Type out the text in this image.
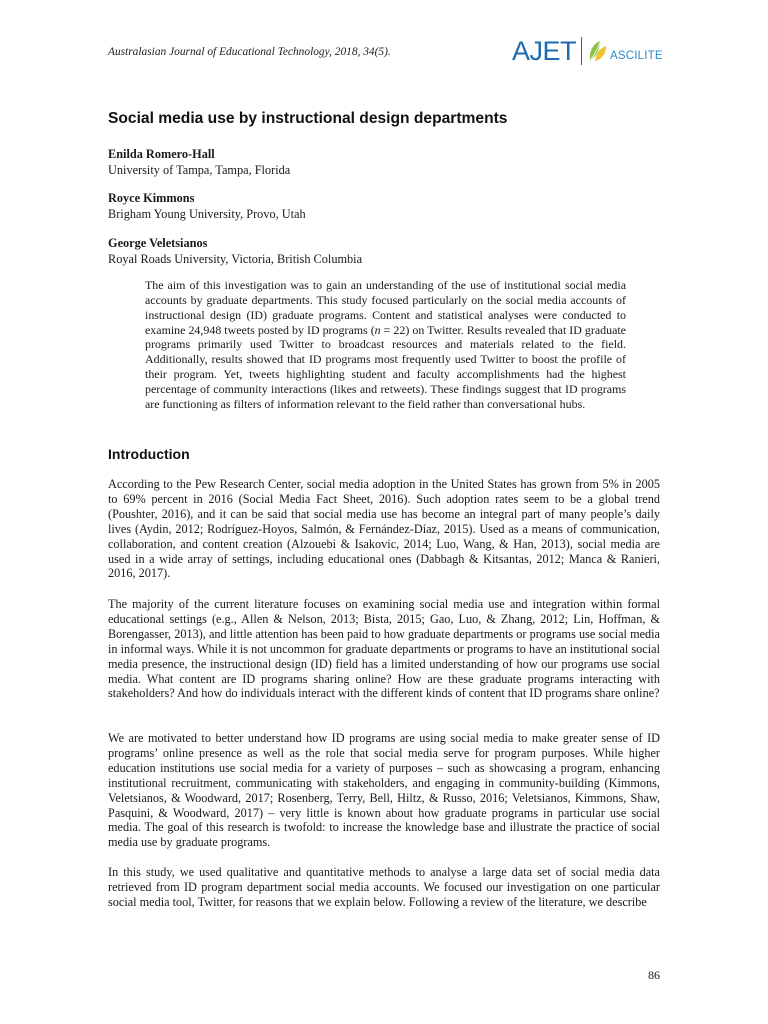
Australasian Journal of Educational Technology, 2018, 34(5).	AJET	ASCILITE
Social media use by instructional design departments
Enilda Romero-Hall
University of Tampa, Tampa, Florida
Royce Kimmons
Brigham Young University, Provo, Utah
George Veletsianos
Royal Roads University, Victoria, British Columbia

The aim of this investigation was to gain an understanding of the use of institutional social media accounts by graduate departments. This study focused particularly on the social media accounts of instructional design (ID) graduate programs. Content and statistical analyses were conducted to examine 24,948 tweets posted by ID programs (n = 22) on Twitter. Results revealed that ID graduate programs primarily used Twitter to broadcast resources and materials related to the field. Additionally, results showed that ID programs most frequently used Twitter to boost the profile of their program. Yet, tweets highlighting student and faculty accomplishments had the highest percentage of community interactions (likes and retweets). These findings suggest that ID programs are functioning as filters of information relevant to the field rather than conversational hubs.

Introduction

According to the Pew Research Center, social media adoption in the United States has grown from 5% in 2005 to 69% percent in 2016 (Social Media Fact Sheet, 2016). Such adoption rates seem to be a global trend (Poushter, 2016), and it can be said that social media use has become an integral part of many people’s daily lives (Aydin, 2012; Rodríguez-Hoyos, Salmón, & Fernández-Díaz, 2015). Used as a means of communication, collaboration, and content creation (Alzouebi & Isakovic, 2014; Luo, Wang, & Han, 2013), social media are used in a wide array of settings, including educational ones (Dabbagh & Kitsantas, 2012; Manca & Ranieri, 2016, 2017).

The majority of the current literature focuses on examining social media use and integration within formal educational settings (e.g., Allen & Nelson, 2013; Bista, 2015; Gao, Luo, & Zhang, 2012; Lin, Hoffman, & Borengasser, 2013), and little attention has been paid to how graduate departments or programs use social media in informal ways. While it is not uncommon for graduate departments or programs to have an institutional social media presence, the instructional design (ID) field has a limited understanding of how our programs use social media. What content are ID programs sharing online? How are these graduate programs interacting with stakeholders? And how do individuals interact with the different kinds of content that ID programs share online?

We are motivated to better understand how ID programs are using social media to make greater sense of ID programs’ online presence as well as the role that social media serve for program purposes. While higher education institutions use social media for a variety of purposes – such as showcasing a program, enhancing institutional recruitment, communicating with stakeholders, and engaging in community-building (Kimmons, Veletsianos, & Woodward, 2017; Rosenberg, Terry, Bell, Hiltz, & Russo, 2016; Veletsianos, Kimmons, Shaw, Pasquini, & Woodward, 2017) – very little is known about how graduate programs in particular use social media. The goal of this research is twofold: to increase the knowledge base and illustrate the practice of social media use by graduate programs.

In this study, we used qualitative and quantitative methods to analyse a large data set of social media data retrieved from ID program department social media accounts. We focused our investigation on one particular social media tool, Twitter, for reasons that we explain below. Following a review of the literature, we describe

86
